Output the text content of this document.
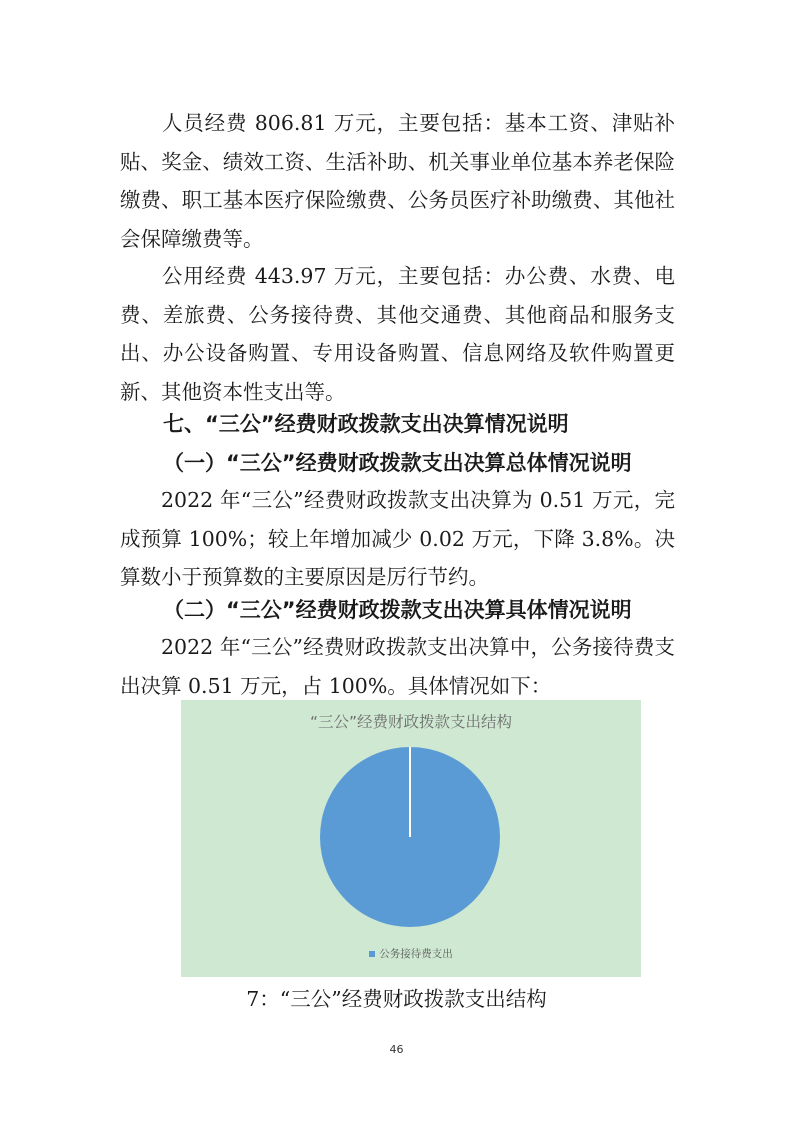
人员经费 806.81 万元，主要包括：基本工资、津贴补贴、奖金、绩效工资、生活补助、机关事业单位基本养老保险缴费、职工基本医疗保险缴费、公务员医疗补助缴费、其他社会保障缴费等。

公用经费 443.97 万元，主要包括：办公费、水费、电费、差旅费、公务接待费、其他交通费、其他商品和服务支出、办公设备购置、专用设备购置、信息网络及软件购置更新、其他资本性支出等。

七、“三公”经费财政拨款支出决算情况说明
（一）“三公”经费财政拨款支出决算总体情况说明

2022 年“三公”经费财政拨款支出决算为 0.51 万元，完成预算 100%；较上年增加减少 0.02 万元，下降 3.8%。决算数小于预算数的主要原因是厉行节约。

（二）“三公”经费财政拨款支出决算具体情况说明

2022 年“三公”经费财政拨款支出决算中，公务接待费支出决算 0.51 万元，占 100%。具体情况如下：

“三公”经费财政拨款支出结构
公务接待费支出
7：“三公”经费财政拨款支出结构
46
